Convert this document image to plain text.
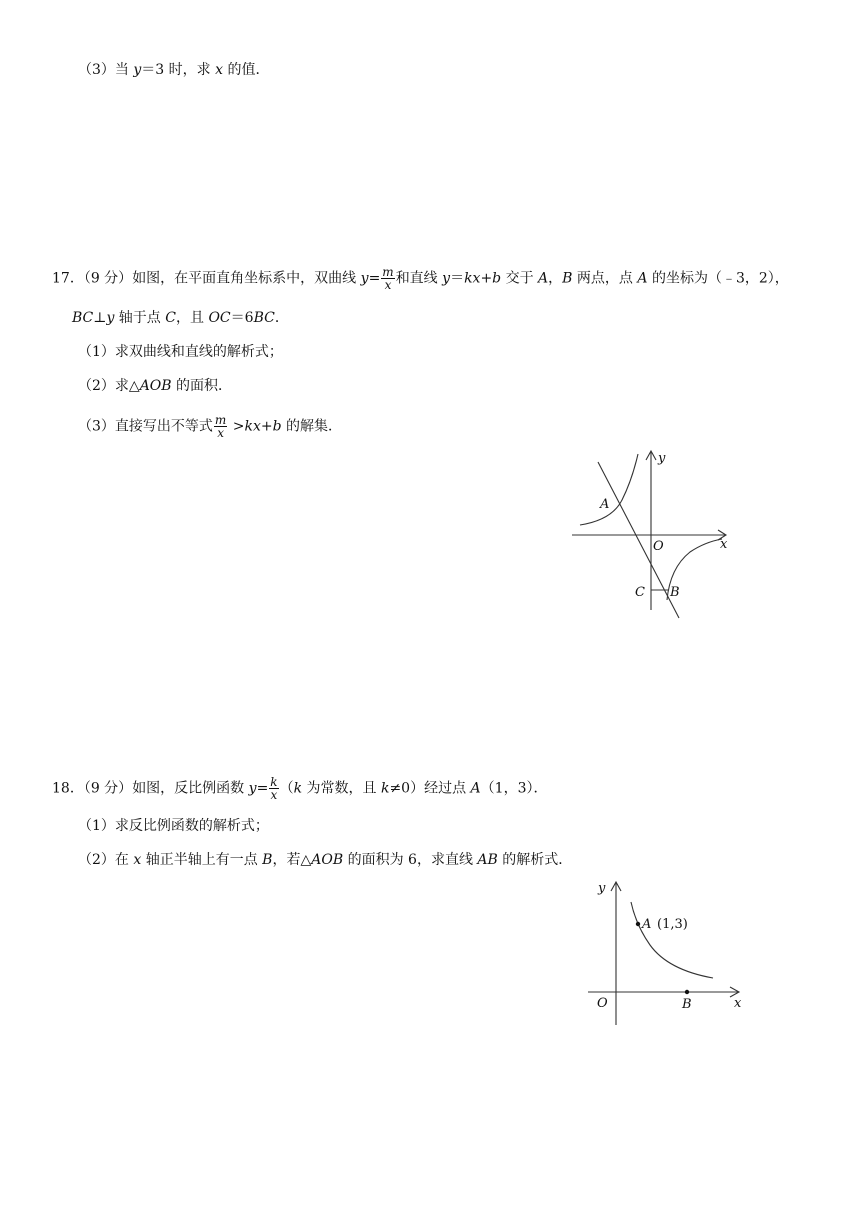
（3）当 y＝3 时，求 x 的值．
17．（9 分）如图，在平面直角坐标系中，双曲线 $y= \frac{m}{x}$ 和直线 y＝kx+b 交于 A，B 两点，点 A 的坐标为（﹣3，2），
BC⊥y 轴于点 C，且 OC＝6BC．
（1）求双曲线和直线的解析式；
（2）求△AOB 的面积．
（3）直接写出不等式 $\frac{m}{x} >kx+b$ 的解集．
A
O	x
y
C B
18．（9 分）如图，反比例函数 $y= \frac{k}{x} (k$ 为常数，且 k≠0）经过点 A（1，3）．
（1）求反比例函数的解析式；
（2）在 x 轴正半轴上有一点 B，若△AOB 的面积为 6，求直线 AB 的解析式．
A (1,3)
O	B	x
y
